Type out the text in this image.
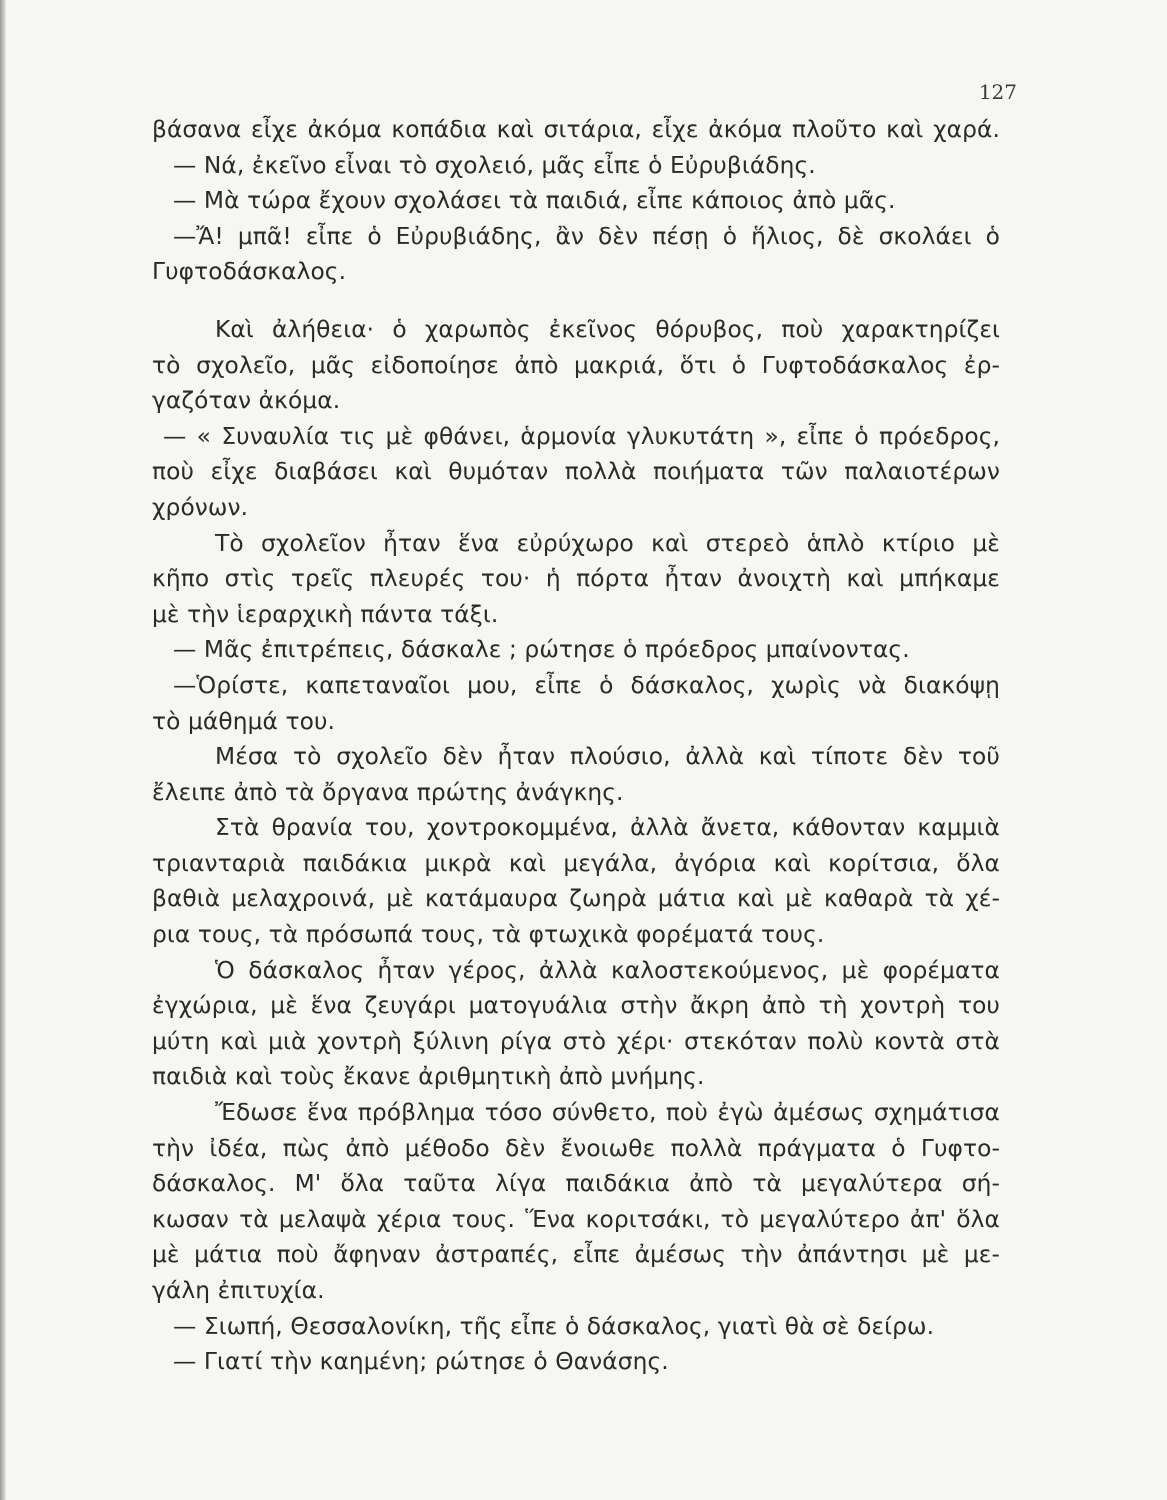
127
βάσανα εἶχε ἀκόμα κοπάδια καὶ σιτάρια, εἶχε ἀκόμα πλοῦτο καὶ χαρά.
— Νά, ἐκεῖνο εἶναι τὸ σχολειό, μᾶς εἶπε ὁ Εὐρυβιάδης.
— Μὰ τώρα ἔχουν σχολάσει τὰ παιδιά, εἶπε κάποιος ἀπὸ μᾶς.
—Ἄ! μπᾶ! εἶπε ὁ Εὐρυβιάδης, ἂν δὲν πέσῃ ὁ ἥλιος, δὲ σκολάει ὁ
Γυφτοδάσκαλος.
Καὶ ἀλήθεια· ὁ χαρωπὸς ἐκεῖνος θόρυβος, ποὺ χαρακτηρίζει
τὸ σχολεῖο, μᾶς εἰδοποίησε ἀπὸ μακριά, ὅτι ὁ Γυφτοδάσκαλος ἐρ-
γαζόταν ἀκόμα.
— « Συναυλία τις μὲ φθάνει, ἁρμονία γλυκυτάτη », εἶπε ὁ πρόεδρος,
ποὺ εἶχε διαβάσει καὶ θυμόταν πολλὰ ποιήματα τῶν παλαιοτέρων
χρόνων.
Τὸ σχολεῖον ἦταν ἕνα εὐρύχωρο καὶ στερεὸ ἁπλὸ κτίριο μὲ
κῆπο στὶς τρεῖς πλευρές του· ἡ πόρτα ἦταν ἀνοιχτὴ καὶ μπήκαμε
μὲ τὴν ἱεραρχικὴ πάντα τάξι.
— Μᾶς ἐπιτρέπεις, δάσκαλε ; ρώτησε ὁ πρόεδρος μπαίνοντας.
—Ὁρίστε, καπεταναῖοι μου, εἶπε ὁ δάσκαλος, χωρὶς νὰ διακόψῃ
τὸ μάθημά του.
Μέσα τὸ σχολεῖο δὲν ἦταν πλούσιο, ἀλλὰ καὶ τίποτε δὲν τοῦ
ἔλειπε ἀπὸ τὰ ὄργανα πρώτης ἀνάγκης.
Στὰ θρανία του, χοντροκομμένα, ἀλλὰ ἄνετα, κάθονταν καμμιὰ
τριανταριὰ παιδάκια μικρὰ καὶ μεγάλα, ἀγόρια καὶ κορίτσια, ὅλα
βαθιὰ μελαχροινά, μὲ κατάμαυρα ζωηρὰ μάτια καὶ μὲ καθαρὰ τὰ χέ-
ρια τους, τὰ πρόσωπά τους, τὰ φτωχικὰ φορέματά τους.
Ὁ δάσκαλος ἦταν γέρος, ἀλλὰ καλοστεκούμενος, μὲ φορέματα
ἐγχώρια, μὲ ἕνα ζευγάρι ματογυάλια στὴν ἄκρη ἀπὸ τὴ χοντρὴ του
μύτη καὶ μιὰ χοντρὴ ξύλινη ρίγα στὸ χέρι· στεκόταν πολὺ κοντὰ στὰ
παιδιὰ καὶ τοὺς ἔκανε ἀριθμητικὴ ἀπὸ μνήμης.
Ἔδωσε ἕνα πρόβλημα τόσο σύνθετο, ποὺ ἐγὼ ἀμέσως σχημάτισα
τὴν ἰδέα, πὼς ἀπὸ μέθοδο δὲν ἔνοιωθε πολλὰ πράγματα ὁ Γυφτο-
δάσκαλος. Μ' ὅλα ταῦτα λίγα παιδάκια ἀπὸ τὰ μεγαλύτερα σή-
κωσαν τὰ μελαψὰ χέρια τους. Ἕνα κοριτσάκι, τὸ μεγαλύτερο ἀπ' ὅλα
μὲ μάτια ποὺ ἄφηναν ἀστραπές, εἶπε ἀμέσως τὴν ἀπάντησι μὲ με-
γάλη ἐπιτυχία.
— Σιωπή, Θεσσαλονίκη, τῆς εἶπε ὁ δάσκαλος, γιατὶ θὰ σὲ δείρω.
— Γιατί τὴν καημένη; ρώτησε ὁ Θανάσης.
